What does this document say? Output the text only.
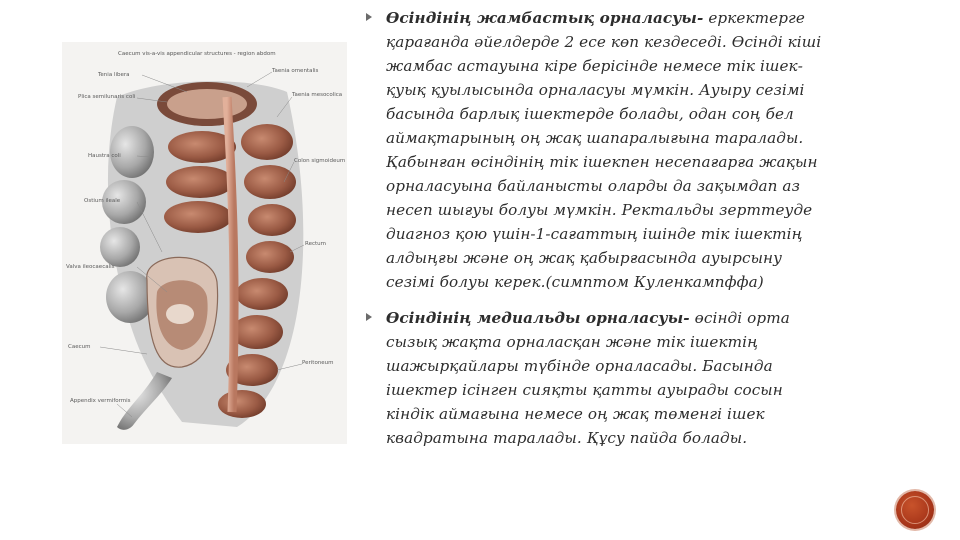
Caecum vis-a-vis appendicular structures - region abdom
Teniа libera
Plica semilunaris coli
Haustra coli
Ostium ileale
Valva ileocaecalis
Caecum
Appendix vermiformis
Taenia omentalis
Taenia mesocolica
Colon sigmoideum
Rectum
Peritoneum
Өсіндінің жамбастық орналасуы- еркектерге
қарағанда әйелдерде 2 есе көп кездеседі. Өсінді кіші
жамбас астауына кіре берісінде немесе тік ішек-
қуық қуылысында орналасуы мүмкін. Ауыру сезімі
басында барлық ішектерде болады, одан соң бел
аймақтарының оң жақ шапаралығына таралады.
Қабынған өсіндінің тік ішекпен несепағарға жақын
орналасуына байланысты оларды да зақымдап аз
несеп шығуы болуы мүмкін. Ректальды зерттеуде
диагноз қою үшін-1-сағаттың ішінде тік ішектің
алдыңғы және оң жақ қабырғасында ауырсыну
сезімі болуы керек.(симптом Куленкампффа)
Өсіндінің медиальды орналасуы- өсінді орта
сызық жақта орналасқан және тік ішектің
шажырқайлары түбінде орналасады. Басында
ішектер ісінген сияқты қатты ауырады сосын
кіндік аймағына немесе оң жақ төменгі ішек
квадратына таралады. Құсу пайда болады.
